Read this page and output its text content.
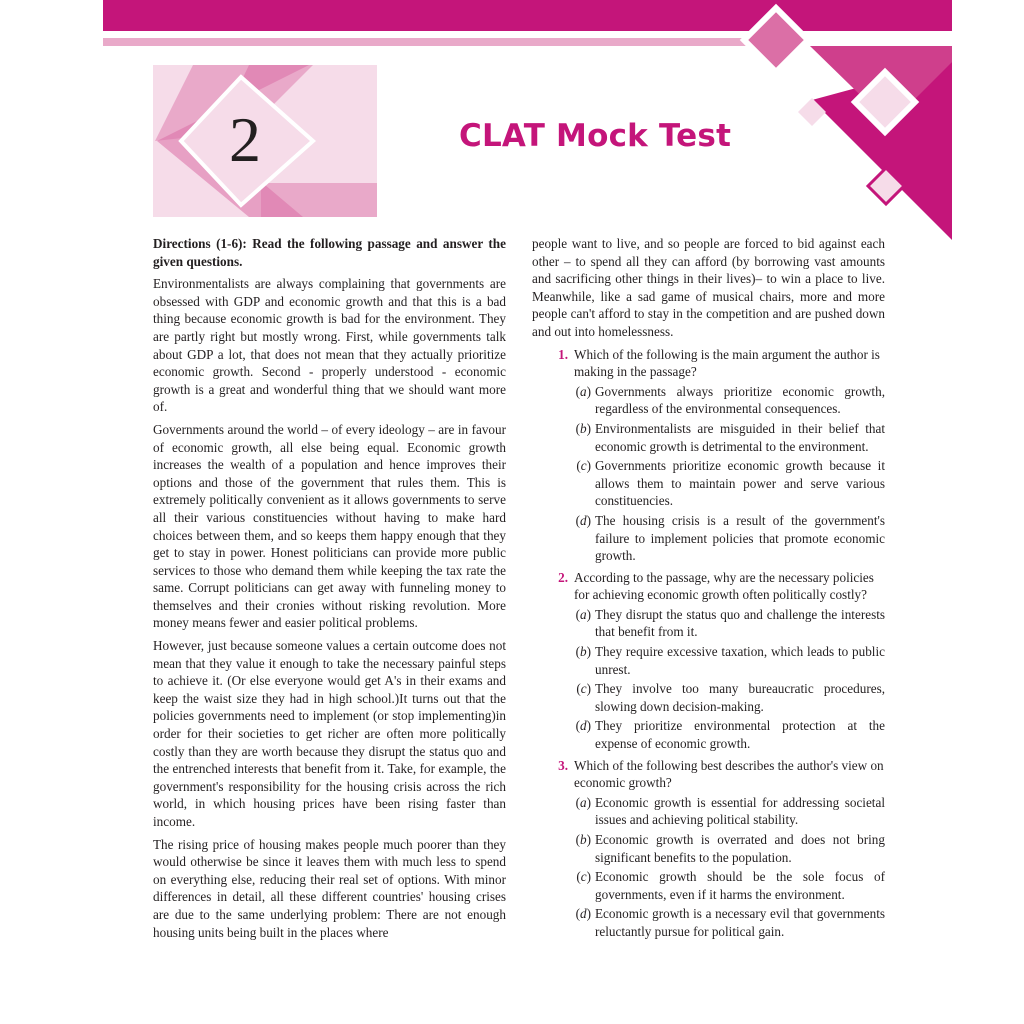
2	CLAT Mock Test

Directions (1-6): Read the following passage and answer the given questions.

Environmentalists are always complaining that governments are obsessed with GDP and economic growth and that this is a bad thing because economic growth is bad for the environment. They are partly right but mostly wrong. First, while governments talk about GDP a lot, that does not mean that they actually prioritize economic growth. Second - properly understood - economic growth is a great and wonderful thing that we should want more of.

Governments around the world – of every ideology – are in favour of economic growth, all else being equal. Economic growth increases the wealth of a population and hence improves their options and those of the government that rules them. This is extremely politically convenient as it allows governments to serve all their various constituencies without having to make hard choices between them, and so keeps them happy enough that they get to stay in power. Honest politicians can provide more public services to those who demand them while keeping the tax rate the same. Corrupt politicians can get away with funneling money to themselves and their cronies without risking revolution. More money means fewer and easier political problems.

However, just because someone values a certain outcome does not mean that they value it enough to take the necessary painful steps to achieve it. (Or else everyone would get A's in their exams and keep the waist size they had in high school.)It turns out that the policies governments need to implement (or stop implementing)in order for their societies to get richer are often more politically costly than they are worth because they disrupt the status quo and the entrenched interests that benefit from it. Take, for example, the government's responsibility for the housing crisis across the rich world, in which housing prices have been rising faster than income.

The rising price of housing makes people much poorer than they would otherwise be since it leaves them with much less to spend on everything else, reducing their real set of options. With minor differences in detail, all these different countries' housing crises are due to the same underlying problem: There are not enough housing units being built in the places where

people want to live, and so people are forced to bid against each other – to spend all they can afford (by borrowing vast amounts and sacrificing other things in their lives)– to win a place to live. Meanwhile, like a sad game of musical chairs, more and more people can't afford to stay in the competition and are pushed down and out into homelessness.

1. Which of the following is the main argument the author is making in the passage?
(a) Governments always prioritize economic growth, regardless of the environmental consequences.
(b) Environmentalists are misguided in their belief that economic growth is detrimental to the environment.
(c) Governments prioritize economic growth because it allows them to maintain power and serve various constituencies.
(d) The housing crisis is a result of the government's failure to implement policies that promote economic growth.
2. According to the passage, why are the necessary policies for achieving economic growth often politically costly?
(a) They disrupt the status quo and challenge the interests that benefit from it.
(b) They require excessive taxation, which leads to public unrest.
(c) They involve too many bureaucratic procedures, slowing down decision-making.
(d) They prioritize environmental protection at the expense of economic growth.
3. Which of the following best describes the author's view on economic growth?
(a) Economic growth is essential for addressing societal issues and achieving political stability.
(b) Economic growth is overrated and does not bring significant benefits to the population.
(c) Economic growth should be the sole focus of governments, even if it harms the environment.
(d) Economic growth is a necessary evil that governments reluctantly pursue for political gain.
